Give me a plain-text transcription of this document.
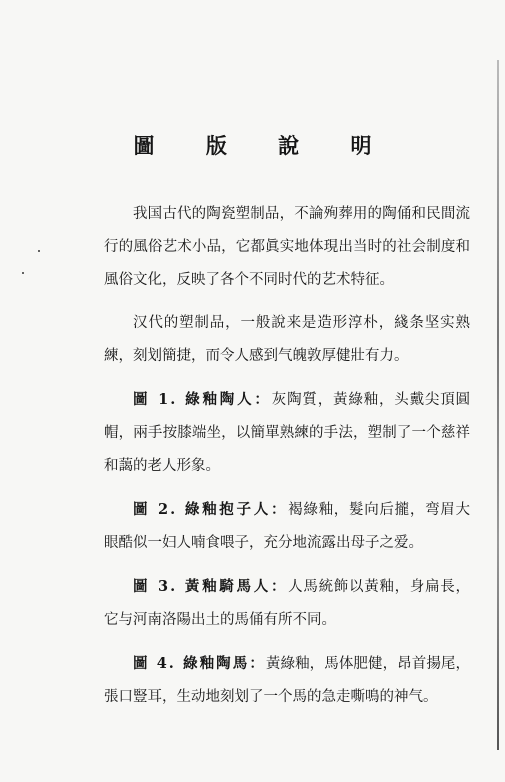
圖 版 說 明

我国古代的陶瓷塑制品，不論殉葬用的陶俑和民間流行的風俗艺术小品，它都眞实地体現出当时的社会制度和風俗文化，反映了各个不同时代的艺术特征。

汉代的塑制品，一般說来是造形淳朴，綫条坚实熟練，刻划簡捷，而令人感到气魄敦厚健壯有力。

圖 1. 綠釉陶人：灰陶質，黃綠釉，头戴尖頂圓帽，兩手按膝端坐，以簡單熟練的手法，塑制了一个慈祥和藹的老人形象。

圖 2. 綠釉抱子人：褐綠釉，髮向后攏，弯眉大眼酷似一妇人喃食喂子，充分地流露出母子之爱。

圖 3. 黃釉騎馬人：人馬統飾以黃釉，身扁長，它与河南洛陽出土的馬俑有所不同。

圖 4. 綠釉陶馬：黃綠釉，馬体肥健，昂首揚尾，張口豎耳，生动地刻划了一个馬的急走嘶鳴的神气。
